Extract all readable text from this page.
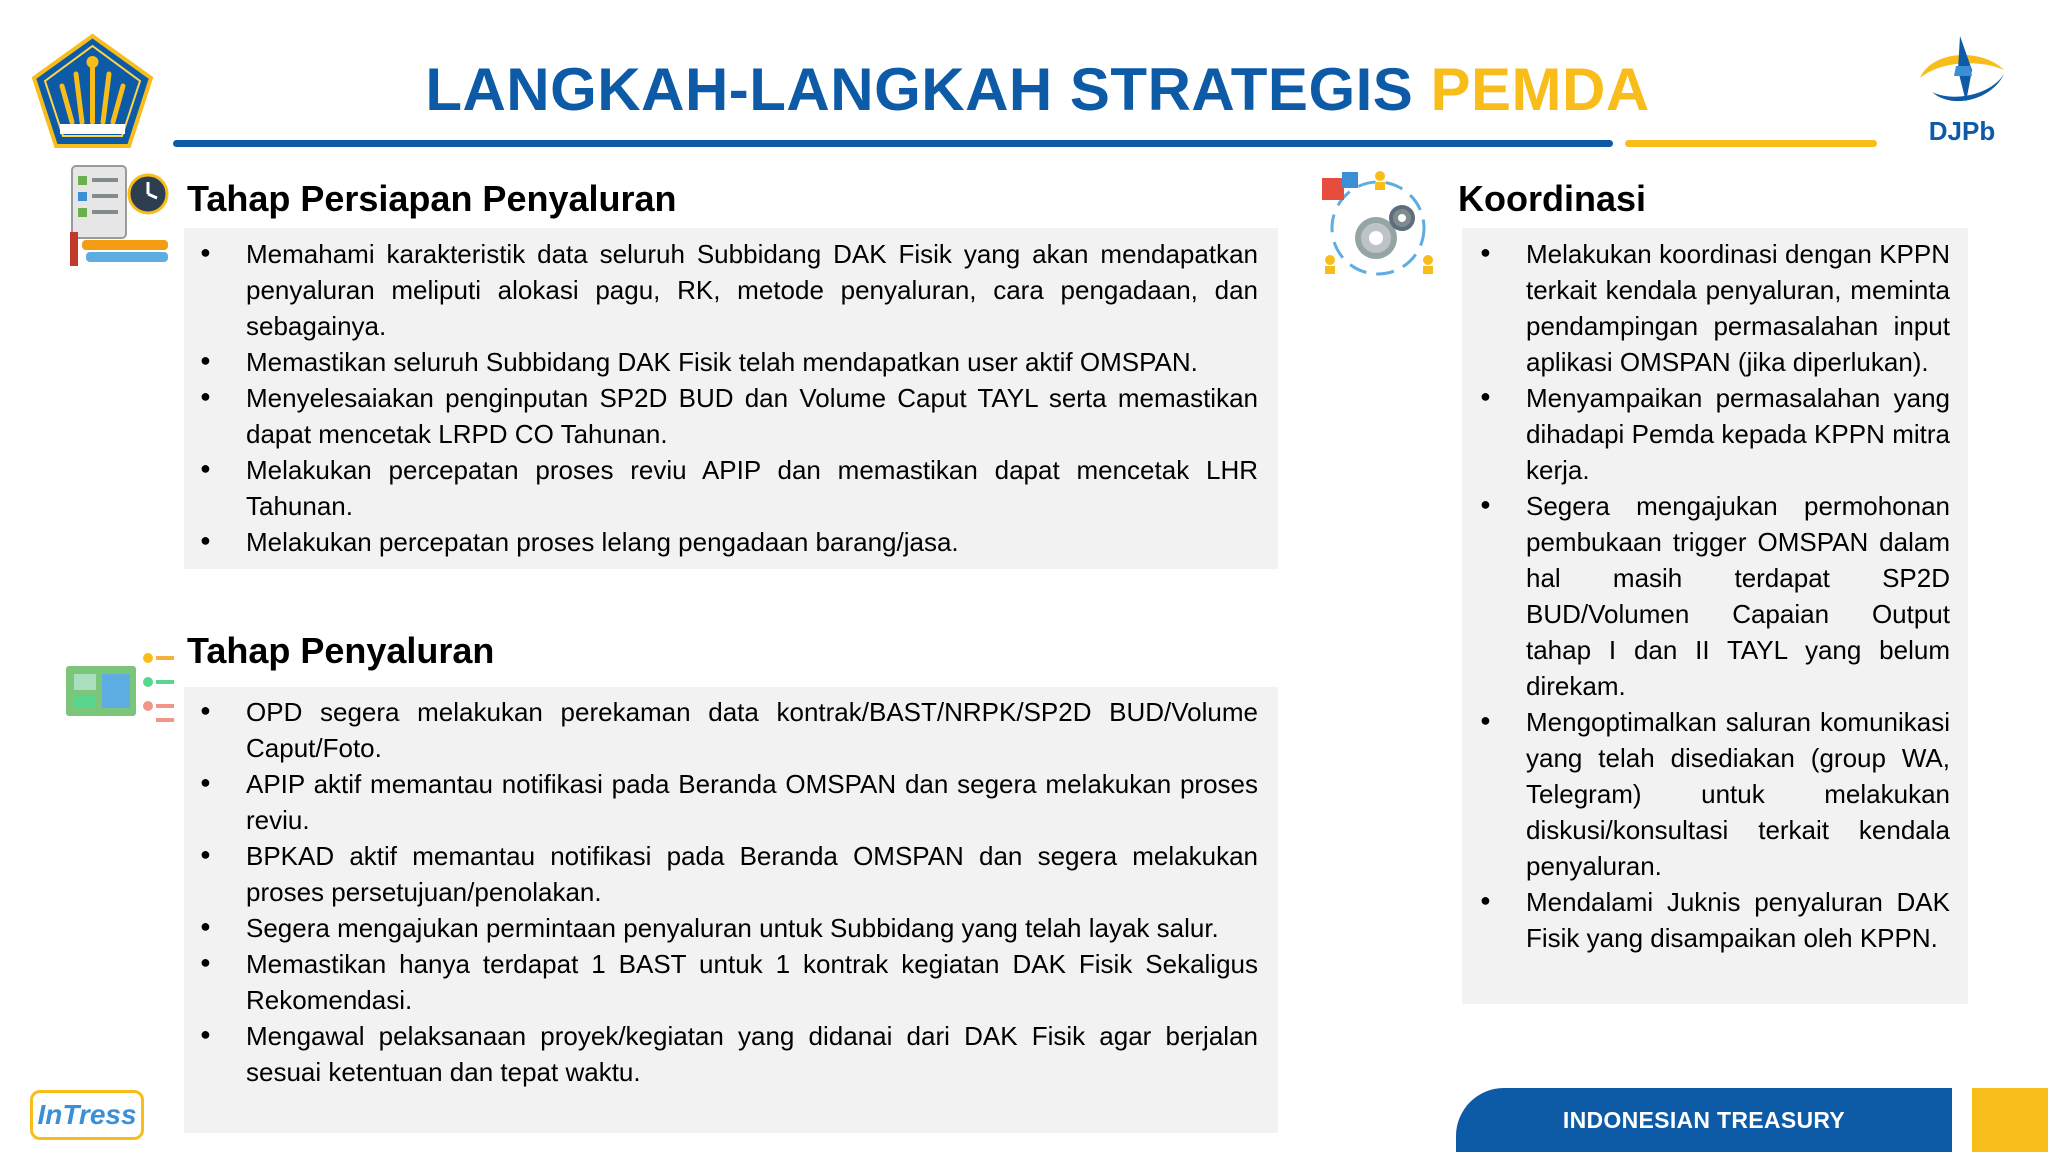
LANGKAH-LANGKAH STRATEGIS PEMDA
DJPb
Tahap Persiapan Penyaluran
● Memahami karakteristik data seluruh Subbidang DAK Fisik yang akan mendapatkan penyaluran meliputi alokasi pagu, RK, metode penyaluran, cara pengadaan, dan sebagainya.
● Memastikan seluruh Subbidang DAK Fisik telah mendapatkan user aktif OMSPAN.
● Menyelesaiakan penginputan SP2D BUD dan Volume Caput TAYL serta memastikan dapat mencetak LRPD CO Tahunan.
● Melakukan percepatan proses reviu APIP dan memastikan dapat mencetak LHR Tahunan.
● Melakukan percepatan proses lelang pengadaan barang/jasa.
Tahap Penyaluran
● OPD segera melakukan perekaman data kontrak/BAST/NRPK/SP2D BUD/Volume Caput/Foto.
● APIP aktif memantau notifikasi pada Beranda OMSPAN dan segera melakukan proses reviu.
● BPKAD aktif memantau notifikasi pada Beranda OMSPAN dan segera melakukan proses persetujuan/penolakan.
● Segera mengajukan permintaan penyaluran untuk Subbidang yang telah layak salur.
● Memastikan hanya terdapat 1 BAST untuk 1 kontrak kegiatan DAK Fisik Sekaligus Rekomendasi.
● Mengawal pelaksanaan proyek/kegiatan yang didanai dari DAK Fisik agar berjalan sesuai ketentuan dan tepat waktu.
Koordinasi
● Melakukan koordinasi dengan KPPN terkait kendala penyaluran, meminta pendampingan permasalahan input aplikasi OMSPAN (jika diperlukan).
● Menyampaikan permasalahan yang dihadapi Pemda kepada KPPN mitra kerja.
● Segera mengajukan permohonan pembukaan trigger OMSPAN dalam hal masih terdapat SP2D BUD/Volumen Capaian Output tahap I dan II TAYL yang belum direkam.
● Mengoptimalkan saluran komunikasi yang telah disediakan (group WA, Telegram) untuk melakukan diskusi/konsultasi terkait kendala penyaluran.
● Mendalami Juknis penyaluran DAK Fisik yang disampaikan oleh KPPN.
InTress	INDONESIAN TREASURY
